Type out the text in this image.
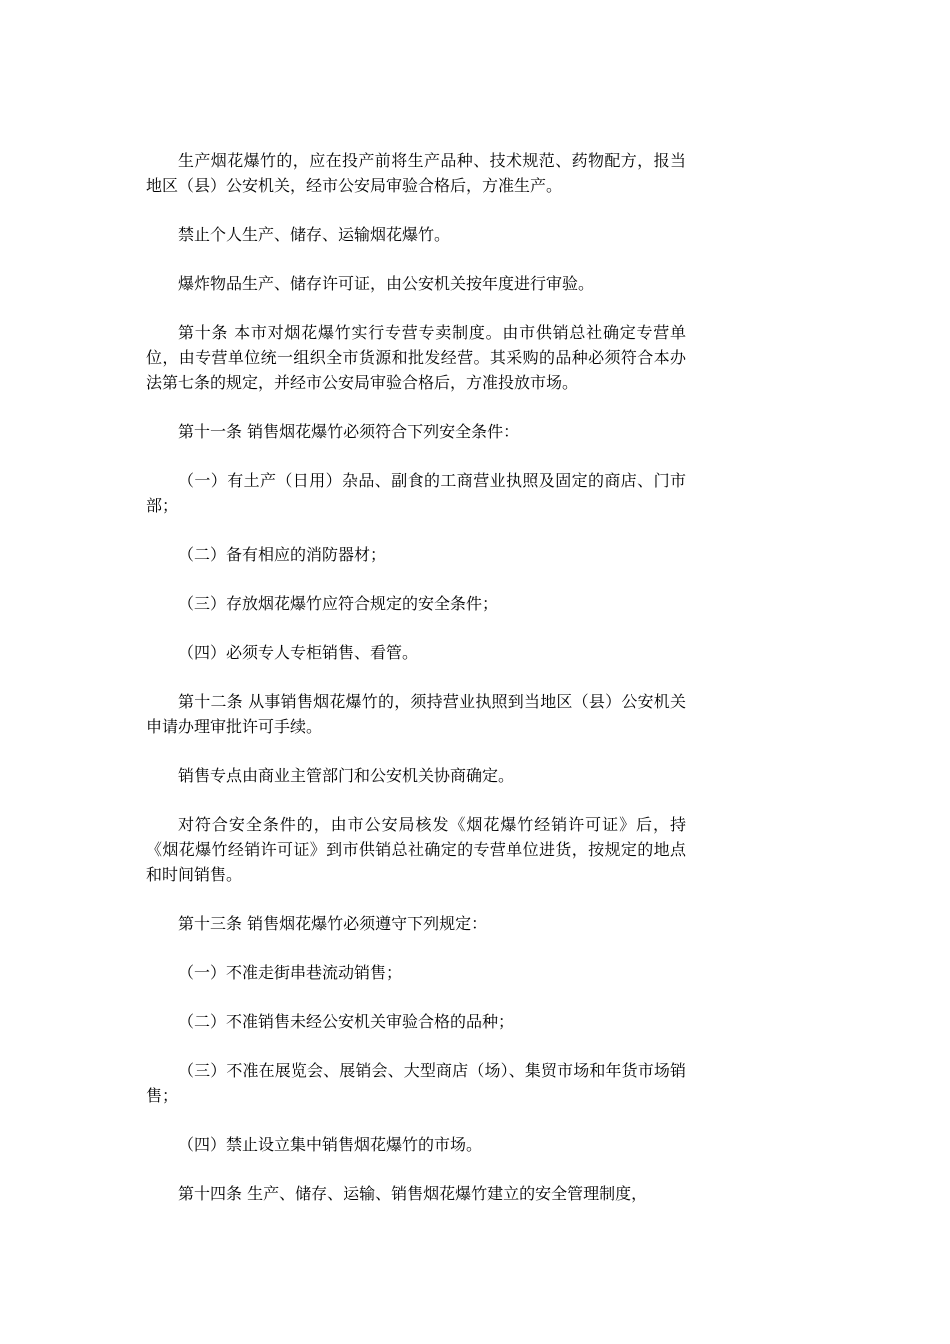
生产烟花爆竹的，应在投产前将生产品种、技术规范、药物配方，报当地区（县）公安机关，经市公安局审验合格后，方准生产。

禁止个人生产、储存、运输烟花爆竹。

爆炸物品生产、储存许可证，由公安机关按年度进行审验。

第十条 本市对烟花爆竹实行专营专卖制度。由市供销总社确定专营单位，由专营单位统一组织全市货源和批发经营。其采购的品种必须符合本办法第七条的规定，并经市公安局审验合格后，方准投放市场。

第十一条 销售烟花爆竹必须符合下列安全条件：

（一）有土产（日用）杂品、副食的工商营业执照及固定的商店、门市部；

（二）备有相应的消防器材；

（三）存放烟花爆竹应符合规定的安全条件；

（四）必须专人专柜销售、看管。

第十二条 从事销售烟花爆竹的，须持营业执照到当地区（县）公安机关申请办理审批许可手续。

销售专点由商业主管部门和公安机关协商确定。

对符合安全条件的，由市公安局核发《烟花爆竹经销许可证》后，持《烟花爆竹经销许可证》到市供销总社确定的专营单位进货，按规定的地点和时间销售。

第十三条 销售烟花爆竹必须遵守下列规定：

（一）不准走街串巷流动销售；

（二）不准销售未经公安机关审验合格的品种；

（三）不准在展览会、展销会、大型商店（场）、集贸市场和年货市场销售；

（四）禁止设立集中销售烟花爆竹的市场。

第十四条 生产、储存、运输、销售烟花爆竹建立的安全管理制度，
